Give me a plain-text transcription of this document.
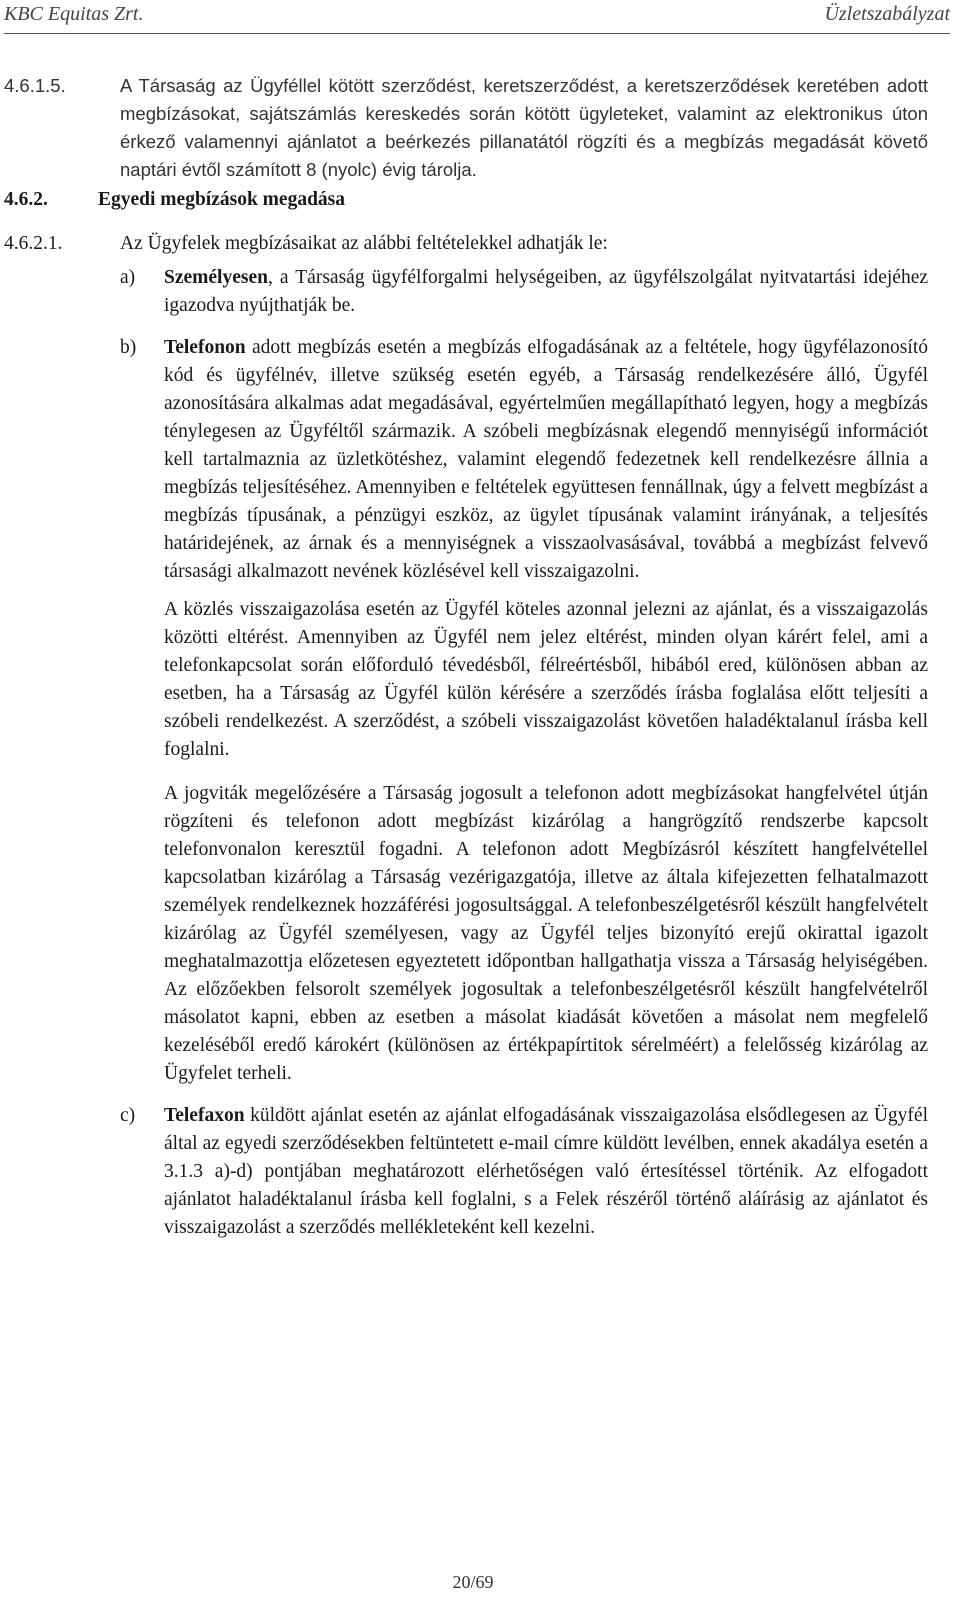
KBC Equitas Zrt.	Üzletszabályzat
4.6.1.5.	A Társaság az Ügyféllel kötött szerződést, keretszerződést, a keretszerződések keretében adott megbízásokat, sajátszámlás kereskedés során kötött ügyleteket, valamint az elektronikus úton érkező valamennyi ajánlatot a beérkezés pillanatától rögzíti és a megbízás megadását követő naptári évtől számított 8 (nyolc) évig tárolja.
4.6.2.	Egyedi megbízások megadása
4.6.2.1.	Az Ügyfelek megbízásaikat az alábbi feltételekkel adhatják le:
a) Személyesen, a Társaság ügyfélforgalmi helységeiben, az ügyfélszolgálat nyitvatartási idejéhez igazodva nyújthatják be.
b) Telefonon adott megbízás esetén a megbízás elfogadásának az a feltétele, hogy ügyfélazonosító kód és ügyfélnév, illetve szükség esetén egyéb, a Társaság rendelkezésére álló, Ügyfél azonosítására alkalmas adat megadásával, egyértelműen megállapítható legyen, hogy a megbízás ténylegesen az Ügyféltől származik. A szóbeli megbízásnak elegendő mennyiségű információt kell tartalmaznia az üzletkötéshez, valamint elegendő fedezetnek kell rendelkezésre állnia a megbízás teljesítéséhez. Amennyiben e feltételek együttesen fennállnak, úgy a felvett megbízást a megbízás típusának, a pénzügyi eszköz, az ügylet típusának valamint irányának, a teljesítés határidejének, az árnak és a mennyiségnek a visszaolvasásával, továbbá a megbízást felvevő társasági alkalmazott nevének közlésével kell visszaigazolni.
A közlés visszaigazolása esetén az Ügyfél köteles azonnal jelezni az ajánlat, és a visszaigazolás közötti eltérést. Amennyiben az Ügyfél nem jelez eltérést, minden olyan kárért felel, ami a telefonkapcsolat során előforduló tévedésből, félreértésből, hibából ered, különösen abban az esetben, ha a Társaság az Ügyfél külön kérésére a szerződés írásba foglalása előtt teljesíti a szóbeli rendelkezést. A szerződést, a szóbeli visszaigazolást követően haladéktalanul írásba kell foglalni.
A jogviták megelőzésére a Társaság jogosult a telefonon adott megbízásokat hangfelvétel útján rögzíteni és telefonon adott megbízást kizárólag a hangrögzítő rendszerbe kapcsolt telefonvonalon keresztül fogadni. A telefonon adott Megbízásról készített hangfelvétellel kapcsolatban kizárólag a Társaság vezérigazgatója, illetve az általa kifejezetten felhatalmazott személyek rendelkeznek hozzáférési jogosultsággal. A telefonbeszélgetésről készült hangfelvételt kizárólag az Ügyfél személyesen, vagy az Ügyfél teljes bizonyító erejű okirattal igazolt meghatalmazottja előzetesen egyeztetett időpontban hallgathatja vissza a Társaság helyiségében. Az előzőekben felsorolt személyek jogosultak a telefonbeszélgetésről készült hangfelvételről másolatot kapni, ebben az esetben a másolat kiadását követően a másolat nem megfelelő kezeléséből eredő károkért (különösen az értékpapírtitok sérelméért) a felelősség kizárólag az Ügyfelet terheli.
c) Telefaxon küldött ajánlat esetén az ajánlat elfogadásának visszaigazolása elsődlegesen az Ügyfél által az egyedi szerződésekben feltüntetett e-mail címre küldött levélben, ennek akadálya esetén a 3.1.3 a)-d) pontjában meghatározott elérhetőségen való értesítéssel történik. Az elfogadott ajánlatot haladéktalanul írásba kell foglalni, s a Felek részéről történő aláírásig az ajánlatot és visszaigazolást a szerződés mellékleteként kell kezelni.
20/69
